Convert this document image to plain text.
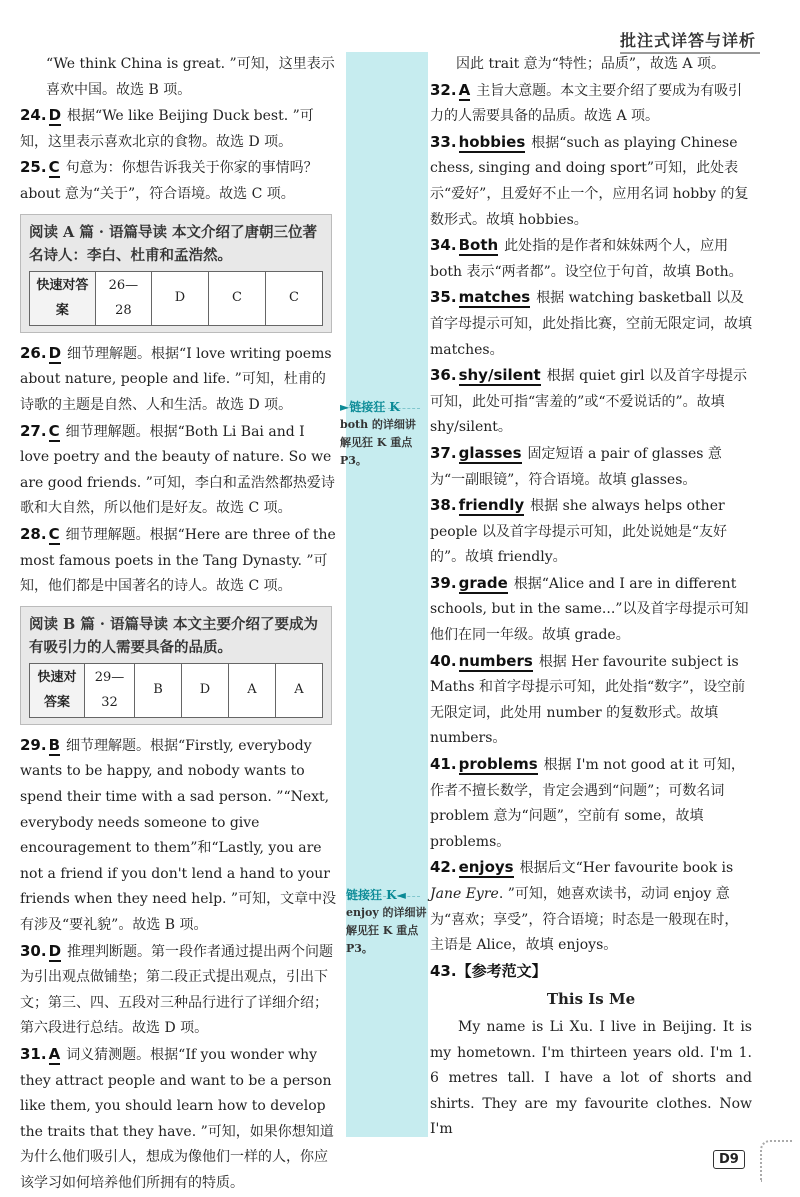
批注式详答与详析
►链接狂 K
both 的详细讲解见狂 K 重点 P3。
链接狂 K◄
enjoy 的详细讲解见狂 K 重点 P3。

“We think China is great. ”可知，这里表示喜欢中国。故选 B 项。

24. D 根据“We like Beijing Duck best. ”可知，这里表示喜欢北京的食物。故选 D 项。

25. C 句意为：你想告诉我关于你家的事情吗？about 意为“关于”，符合语境。故选 C 项。

阅读 A 篇 · 语篇导读 本文介绍了唐朝三位著名诗人：李白、杜甫和孟浩然。
快速对答案	26—28	D	C	C

26. D 细节理解题。根据“I love writing poems about nature, people and life. ”可知，杜甫的诗歌的主题是自然、人和生活。故选 D 项。

27. C 细节理解题。根据“Both Li Bai and I love poetry and the beauty of nature. So we are good friends. ”可知，李白和孟浩然都热爱诗歌和大自然，所以他们是好友。故选 C 项。

28. C 细节理解题。根据“Here are three of the most famous poets in the Tang Dynasty. ”可知，他们都是中国著名的诗人。故选 C 项。

阅读 B 篇 · 语篇导读 本文主要介绍了要成为有吸引力的人需要具备的品质。
快速对答案	29—32	B	D	A	A

29. B 细节理解题。根据“Firstly, everybody wants to be happy, and nobody wants to spend their time with a sad person. ”“Next, everybody needs someone to give encouragement to them”和“Lastly, you are not a friend if you don't lend a hand to your friends when they need help. ”可知，文章中没有涉及“要礼貌”。故选 B 项。

30. D 推理判断题。第一段作者通过提出两个问题为引出观点做铺垫；第二段正式提出观点，引出下文；第三、四、五段对三种品行进行了详细介绍；第六段进行总结。故选 D 项。

31. A 词义猜测题。根据“If you wonder why they attract people and want to be a person like them, you should learn how to develop the traits that they have. ”可知，如果你想知道为什么他们吸引人，想成为像他们一样的人，你应该学习如何培养他们所拥有的特质。

因此 trait 意为“特性；品质”，故选 A 项。

32. A 主旨大意题。本文主要介绍了要成为有吸引力的人需要具备的品质。故选 A 项。

33. hobbies 根据“such as playing Chinese chess, singing and doing sport”可知，此处表示“爱好”，且爱好不止一个，应用名词 hobby 的复数形式。故填 hobbies。

34. Both 此处指的是作者和妹妹两个人，应用 both 表示“两者都”。设空位于句首，故填 Both。

35. matches 根据 watching basketball 以及首字母提示可知，此处指比赛，空前无限定词，故填 matches。

36. shy/silent 根据 quiet girl 以及首字母提示可知，此处可指“害羞的”或“不爱说话的”。故填 shy/silent。

37. glasses 固定短语 a pair of glasses 意为“一副眼镜”，符合语境。故填 glasses。

38. friendly 根据 she always helps other people 以及首字母提示可知，此处说她是“友好的”。故填 friendly。

39. grade 根据“Alice and I are in different schools, but in the same...”以及首字母提示可知他们在同一年级。故填 grade。

40. numbers 根据 Her favourite subject is Maths 和首字母提示可知，此处指“数字”，设空前无限定词，此处用 number 的复数形式。故填 numbers。

41. problems 根据 I'm not good at it 可知，作者不擅长数学，肯定会遇到“问题”；可数名词 problem 意为“问题”，空前有 some，故填 problems。

42. enjoys 根据后文“Her favourite book is Jane Eyre. ”可知，她喜欢读书，动词 enjoy 意为“喜欢；享受”，符合语境；时态是一般现在时，主语是 Alice，故填 enjoys。

43.【参考范文】

This Is Me

My name is Li Xu. I live in Beijing. It is my hometown. I'm thirteen years old. I'm 1. 6 metres tall. I have a lot of shorts and shirts. They are my favourite clothes. Now I'm

D9
